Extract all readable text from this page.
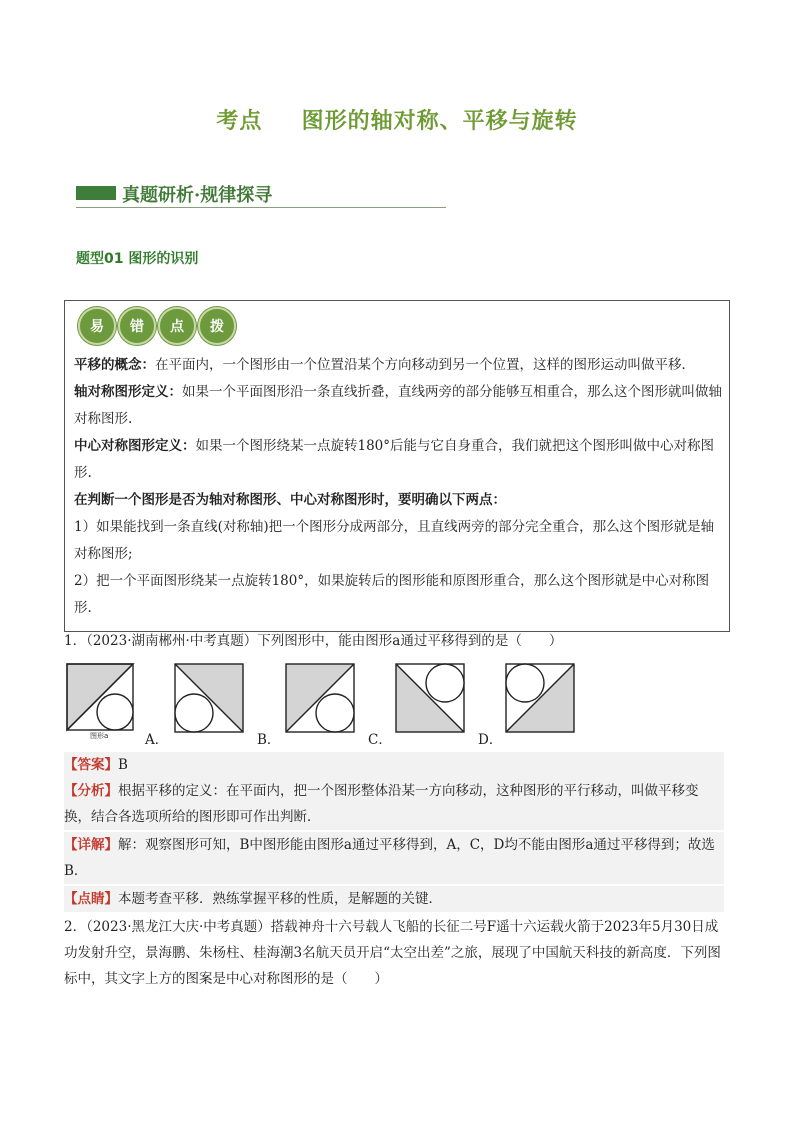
考点 图形的轴对称、平移与旋转
真题研析·规律探寻
题型01 图形的识别
易	错	点	拨
平移的概念：在平面内，一个图形由一个位置沿某个方向移动到另一个位置，这样的图形运动叫做平移．
轴对称图形定义：如果一个平面图形沿一条直线折叠，直线两旁的部分能够互相重合，那么这个图形就叫做轴对称图形.
中心对称图形定义：如果一个图形绕某一点旋转180°后能与它自身重合，我们就把这个图形叫做中心对称图形.
在判断一个图形是否为轴对称图形、中心对称图形时，要明确以下两点：
1）如果能找到一条直线(对称轴)把一个图形分成两部分，且直线两旁的部分完全重合，那么这个图形就是轴对称图形;
2）把一个平面图形绕某一点旋转180°，如果旋转后的图形能和原图形重合，那么这个图形就是中心对称图形.
1．（2023·湖南郴州·中考真题）下列图形中，能由图形a通过平移得到的是（　　）
图形a	A．	B．	C．	D．
【答案】B
【分析】根据平移的定义：在平面内，把一个图形整体沿某一方向移动，这种图形的平行移动，叫做平移变换，结合各选项所给的图形即可作出判断．
【详解】解：观察图形可知，B中图形能由图形a通过平移得到，A，C，D均不能由图形a通过平移得到；故选B．
【点睛】本题考查平移．熟练掌握平移的性质，是解题的关键．
2．（2023·黑龙江大庆·中考真题）搭载神舟十六号载人飞船的长征二号F遥十六运载火箭于2023年5月30日成功发射升空，景海鹏、朱杨柱、桂海潮3名航天员开启“太空出差”之旅，展现了中国航天科技的新高度．下列图标中，其文字上方的图案是中心对称图形的是（　　）
